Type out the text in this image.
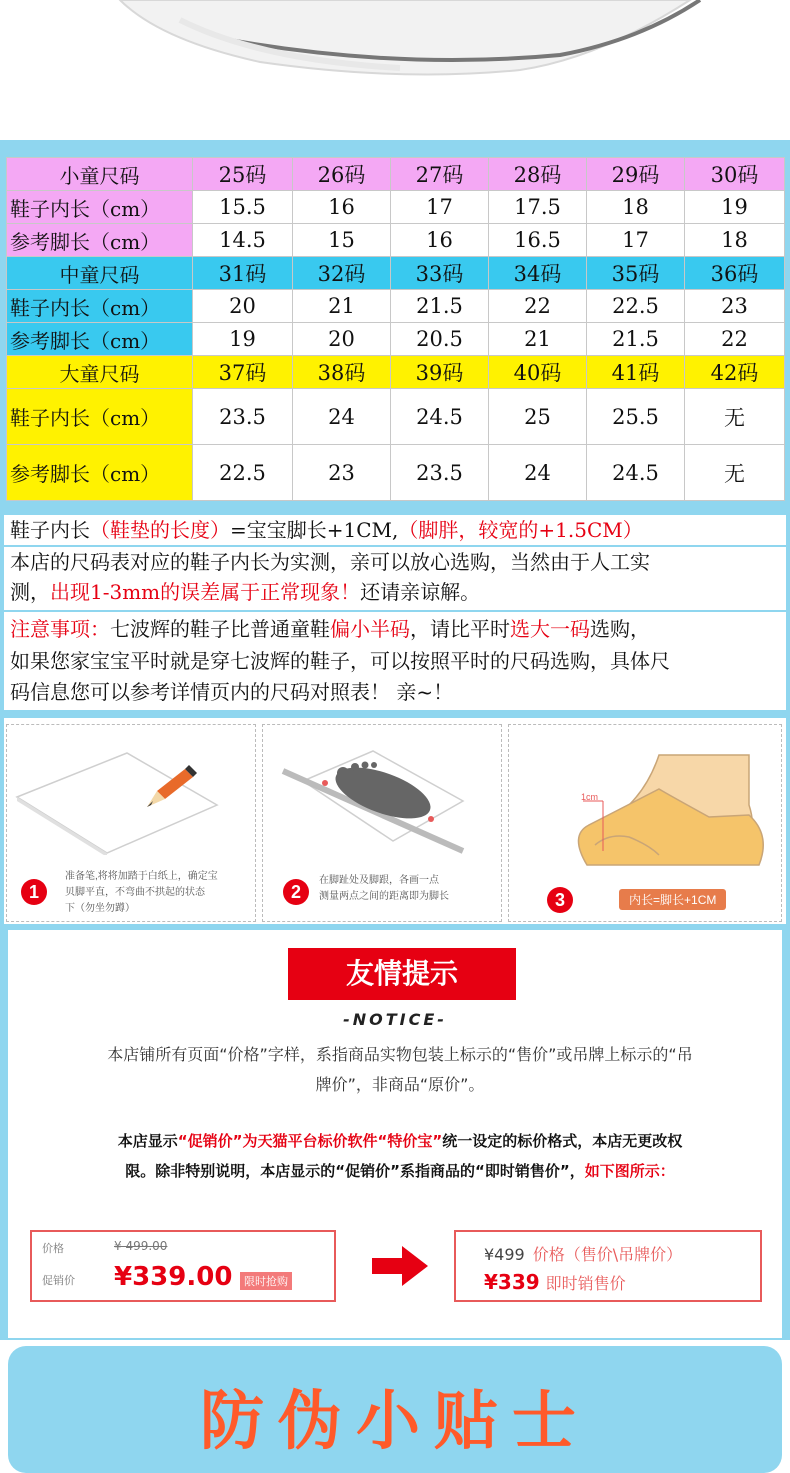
小童尺码	25码	26码	27码	28码	29码	30码
鞋子内长（cm）	15.5	16	17	17.5	18	19
参考脚长（cm）	14.5	15	16	16.5	17	18
中童尺码	31码	32码	33码	34码	35码	36码
鞋子内长（cm）	20	21	21.5	22	22.5	23
参考脚长（cm）	19	20	20.5	21	21.5	22
大童尺码	37码	38码	39码	40码	41码	42码
鞋子内长（cm）	23.5	24	24.5	25	25.5	无
参考脚长（cm）	22.5	23	23.5	24	24.5	无
鞋子内长（鞋垫的长度）=宝宝脚长+1CM,（脚胖，较宽的+1.5CM）
本店的尺码表对应的鞋子内长为实测，亲可以放心选购，当然由于人工实
测，出现1-3mm的误差属于正常现象！还请亲谅解。
注意事项：七波辉的鞋子比普通童鞋偏小半码，请比平时选大一码选购，
如果您家宝宝平时就是穿七波辉的鞋子，可以按照平时的尺码选购，具体尺
码信息您可以参考详情页内的尺码对照表！ 亲~！
1
准备笔,将将加踏于白纸上，确定宝
贝脚平直，不弯曲不拱起的状态
下（勿坐勿蹲）
2
在脚趾处及脚跟，各画一点
测量两点之间的距离即为脚长
1cm
3	内长=脚长+1CM
友情提示
-NOTICE-
本店铺所有页面“价格”字样，系指商品实物包装上标示的“售价”或吊牌上标示的“吊
牌价”，非商品“原价”。
本店显示“促销价”为天猫平台标价软件“特价宝”统一设定的标价格式，本店无更改权
限。除非特别说明，本店显示的“促销价”系指商品的“即时销售价”，如下图所示：
价格	¥ 499.00
促销价 ¥339.00	限时抢购
¥499 价格（售价\吊牌价）
¥339 即时销售价
防伪小贴士
